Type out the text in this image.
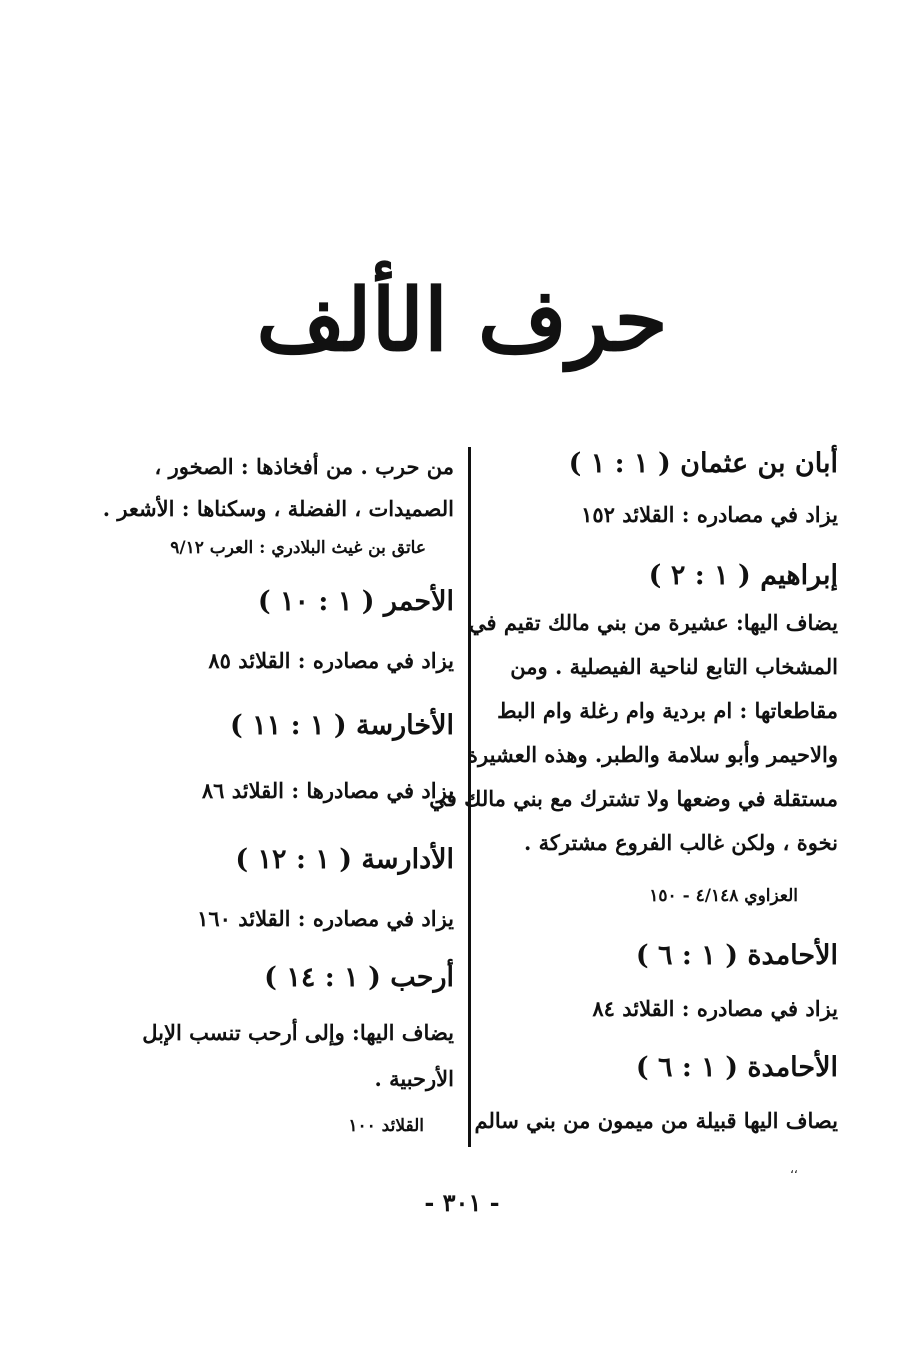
حرف الألف
أبان بن عثمان ( ١ : ١ )
يزاد في مصادره : القلائد ١٥٢
إبراهيم ( ١ : ٢ )
يضاف اليها: عشيرة من بني مالك تقيم في
المشخاب التابع لناحية الفيصلية . ومن
مقاطعاتها : ام بردية وام رغلة وام البط
والاحيمر وأبو سلامة والطبر. وهذه العشيرة
مستقلة في وضعها ولا تشترك مع بني مالك في
نخوة ، ولكن غالب الفروع مشتركة .
العزاوي ٤/١٤٨ - ١٥٠
الأحامدة ( ١ : ٦ )
يزاد في مصادره : القلائد ٨٤
الأحامدة ( ١ : ٦ )
يصاف اليها قبيلة من ميمون من بني سالم
من حرب . من أفخاذها : الصخور ،
الصميدات ، الفضلة ، وسكناها : الأشعر .
عاتق بن غيث البلادري : العرب ٩/١٢
الأحمر ( ١ : ١٠ )
يزاد في مصادره : القلائد ٨٥
الأخارسة ( ١ : ١١ )
يزاد في مصادرها : القلائد ٨٦
الأدارسة ( ١ : ١٢ )
يزاد في مصادره : القلائد ١٦٠
أرحب ( ١ : ١٤ )
يضاف اليها: وإلى أرحب تنسب الإبل
الأرحبية .
القلائد ١٠٠
،،
- ٣٠١ -
